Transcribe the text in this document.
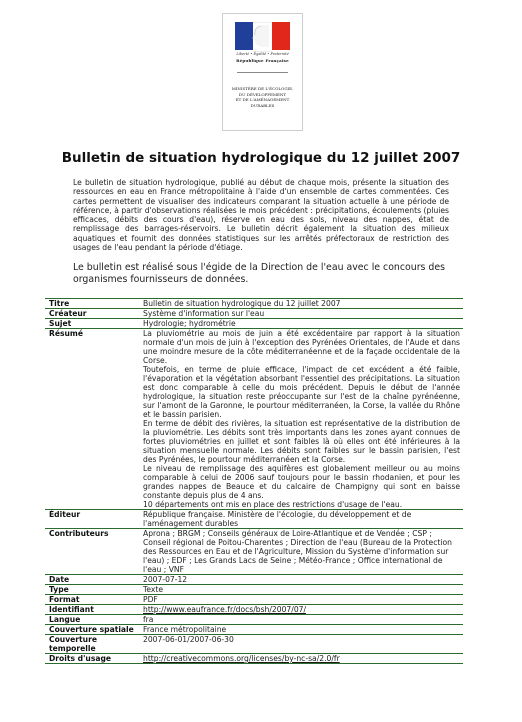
Liberté • Égalité • Fraternité
République Française
MINISTÈRE DE L'ÉCOLOGIE,
DU DÉVELOPPEMENT
ET DE L'AMÉNAGEMENT
DURABLES
Bulletin de situation hydrologique du 12 juillet 2007

Le bulletin de situation hydrologique, publié au début de chaque mois, présente la situation des ressources en eau en France métropolitaine à l'aide d'un ensemble de cartes commentées. Ces cartes permettent de visualiser des indicateurs comparant la situation actuelle à une période de référence, à partir d'observations réalisées le mois précédent : précipitations, écoulements (pluies efficaces, débits des cours d'eau), réserve en eau des sols, niveau des nappes, état de remplissage des barrages-réservoirs. Le bulletin décrit également la situation des milieux aquatiques et fournit des données statistiques sur les arrêtés préfectoraux de restriction des usages de l'eau pendant la période d'étiage.

Le bulletin est réalisé sous l'égide de la Direction de l'eau avec le concours des organismes fournisseurs de données.

Titre	Bulletin de situation hydrologique du 12 juillet 2007
Créateur	Système d'information sur l'eau
Sujet	Hydrologie; hydrométrie
Résumé	La pluviométrie au mois de juin a été excédentaire par rapport à la situation normale d'un mois de juin à l'exception des Pyrénées Orientales, de l'Aude et dans une moindre mesure de la côte méditerranéenne et de la façade occidentale de la Corse.

Toutefois, en terme de pluie efficace, l'impact de cet excédent a été faible, l'évaporation et la végétation absorbant l'essentiel des précipitations. La situation est donc comparable à celle du mois précédent. Depuis le début de l'année hydrologique, la situation reste préoccupante sur l'est de la chaîne pyrénéenne, sur l'amont de la Garonne, le pourtour méditerranéen, la Corse, la vallée du Rhône et le bassin parisien.

En terme de débit des rivières, la situation est représentative de la distribution de la pluviométrie. Les débits sont très importants dans les zones ayant connues de fortes pluviométries en juillet et sont faibles là où elles ont été inférieures à la situation mensuelle normale. Les débits sont faibles sur le bassin parisien, l'est des Pyrénées, le pourtour méditerranéen et la Corse.

Le niveau de remplissage des aquifères est globalement meilleur ou au moins comparable à celui de 2006 sauf toujours pour le bassin rhodanien, et pour les grandes nappes de Beauce et du calcaire de Champigny qui sont en baisse constante depuis plus de 4 ans.

10 départements ont mis en place des restrictions d'usage de l'eau.

Éditeur	République française. Ministère de l'écologie, du développement et de l'aménagement durables
Contributeurs	Aprona ; BRGM ; Conseils généraux de Loire-Atlantique et de Vendée ; CSP ; Conseil régional de Poitou-Charentes ; Direction de l'eau (Bureau de la Protection des Ressources en Eau et de l'Agriculture, Mission du Système d'information sur l'eau) ; EDF ; Les Grands Lacs de Seine ; Météo-France ; Office international de l'eau ; VNF
Date	2007-07-12
Type	Texte
Format	PDF
Identifiant	http://www.eaufrance.fr/docs/bsh/2007/07/
Langue	fra
Couverture spatiale	France métropolitaine
Couverture temporelle	2007-06-01/2007-06-30
Droits d'usage	http://creativecommons.org/licenses/by-nc-sa/2.0/fr
